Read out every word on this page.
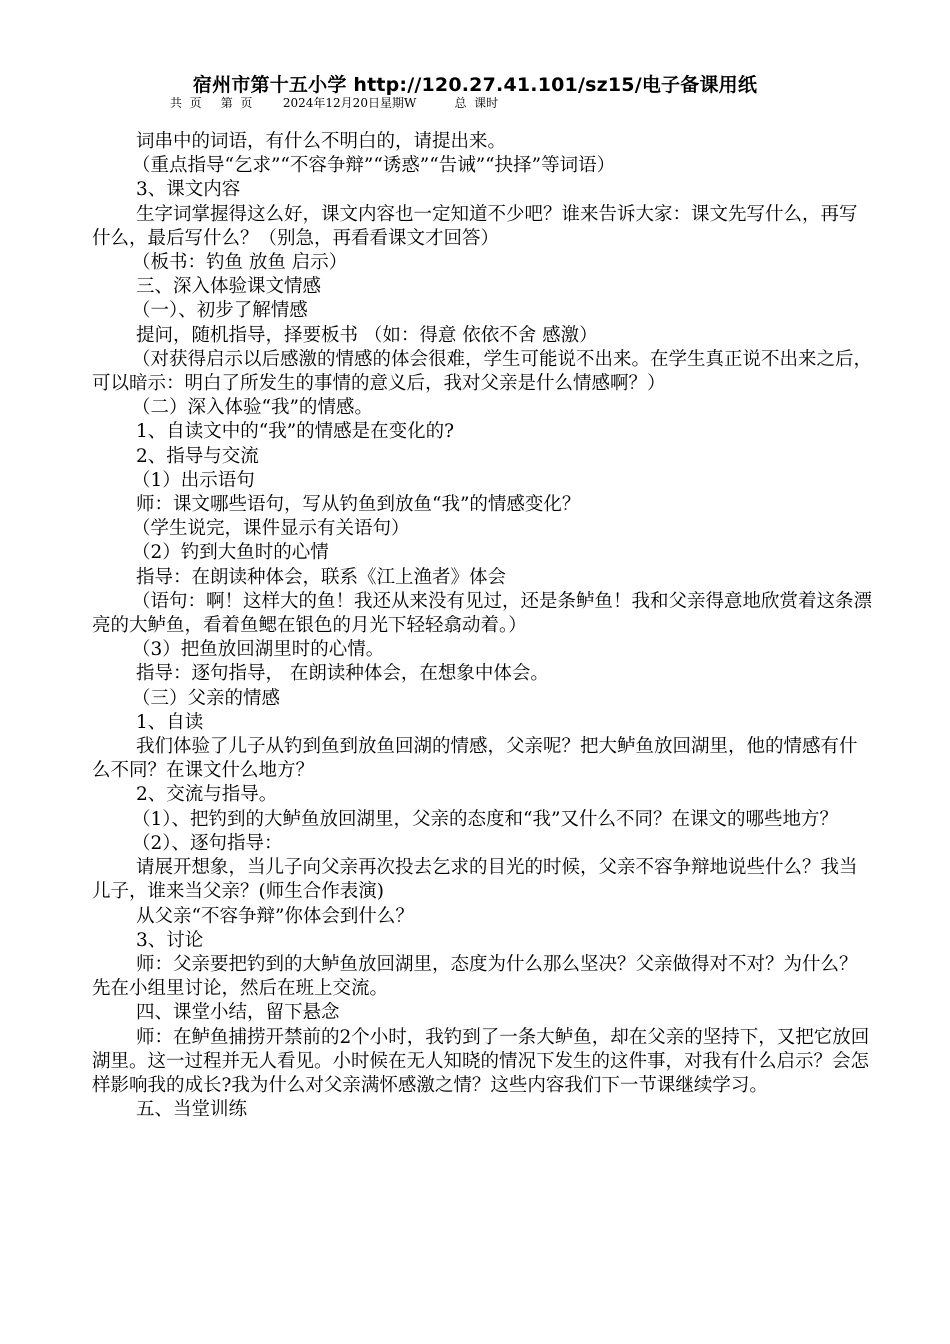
宿州市第十五小学 http://120.27.41.101/sz15/电子备课用纸
共  页 第  页	2024年12月20日星期W	总  课时

词串中的词语，有什么不明白的，请提出来。

（重点指导“乞求”“不容争辩”“诱惑”“告诫”“抉择”等词语）

3、课文内容

生字词掌握得这么好，课文内容也一定知道不少吧？谁来告诉大家：课文先写什么，再写什么，最后写什么？（别急，再看看课文才回答）

（板书：钓鱼 放鱼 启示）

三、深入体验课文情感

（一）、初步了解情感

提问，随机指导，择要板书 （如：得意 依依不舍 感激）

（对获得启示以后感激的情感的体会很难，学生可能说不出来。在学生真正说不出来之后，可以暗示：明白了所发生的事情的意义后，我对父亲是什么情感啊？）

（二）深入体验“我”的情感。

1、自读文中的“我”的情感是在变化的?

2、指导与交流

（1）出示语句

师：课文哪些语句，写从钓鱼到放鱼“我”的情感变化？

（学生说完，课件显示有关语句）

（2）钓到大鱼时的心情

指导：在朗读种体会，联系《江上渔者》体会

（语句：啊！这样大的鱼！我还从来没有见过，还是条鲈鱼！我和父亲得意地欣赏着这条漂亮的大鲈鱼，看着鱼鳃在银色的月光下轻轻翕动着。）

（3）把鱼放回湖里时的心情。

指导：逐句指导， 在朗读种体会，在想象中体会。

（三）父亲的情感

1、自读

我们体验了儿子从钓到鱼到放鱼回湖的情感，父亲呢？把大鲈鱼放回湖里，他的情感有什么不同？在课文什么地方？

2、交流与指导。

（1）、把钓到的大鲈鱼放回湖里，父亲的态度和“我”又什么不同？在课文的哪些地方？

（2）、逐句指导：

请展开想象，当儿子向父亲再次投去乞求的目光的时候，父亲不容争辩地说些什么？我当儿子，谁来当父亲？(师生合作表演)

从父亲“不容争辩”你体会到什么？

3、讨论

师：父亲要把钓到的大鲈鱼放回湖里，态度为什么那么坚决？父亲做得对不对？为什么？先在小组里讨论，然后在班上交流。

四、课堂小结，留下悬念

师：在鲈鱼捕捞开禁前的2个小时，我钓到了一条大鲈鱼，却在父亲的坚持下，又把它放回湖里。这一过程并无人看见。小时候在无人知晓的情况下发生的这件事，对我有什么启示？会怎样影响我的成长?我为什么对父亲满怀感激之情？这些内容我们下一节课继续学习。

五、当堂训练
